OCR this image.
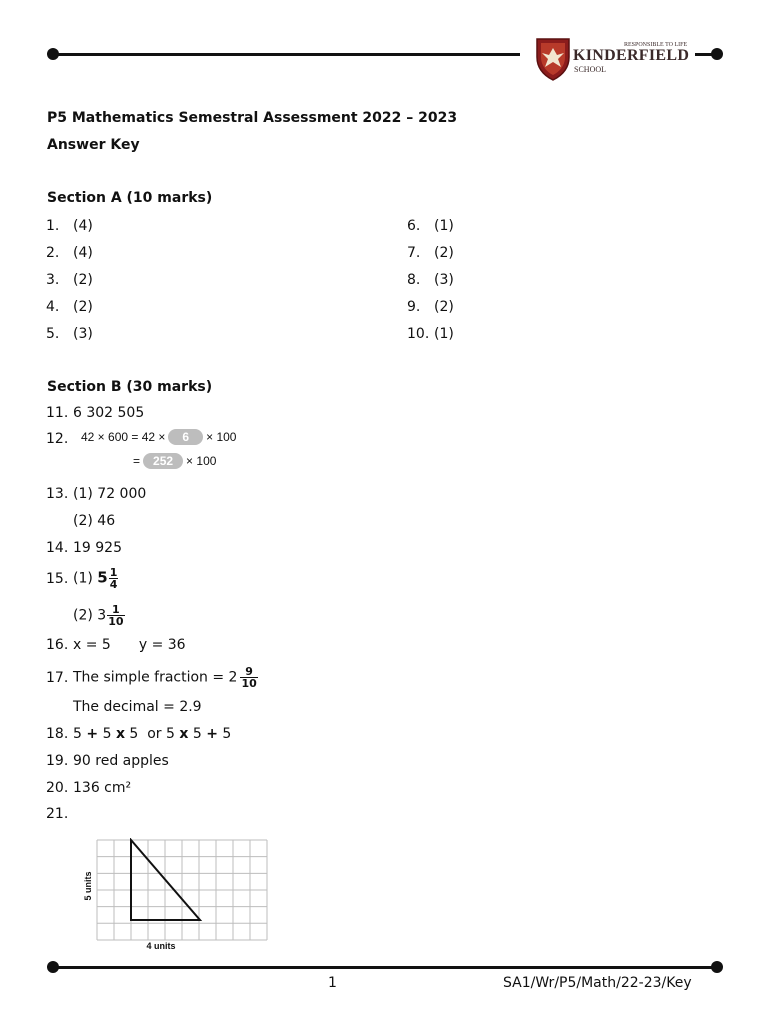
RESPONSIBLE TO LIFE
KINDERFIELD
SCHOOL
P5 Mathematics Semestral Assessment 2022 – 2023
Answer Key
Section A (10 marks)
1. (4)
2. (4)
3. (2)
4. (2)
5. (3)
6. (1)
7. (2)
8. (3)
9. (2)
10. (1)
Section B (30 marks)
11. 6 302 505
12. 42 × 600 = 42 × 6 × 100
= 252 × 100
13. (1) 72 000
(2) 46
14. 19 925
15. (1) $5 \frac{1}{4}$
(2) $3 \frac{1}{10}$
16. x = 5 y = 36
17. The simple fraction = $2 \frac{9}{10}$
The decimal = 2.9
18. 5 + 5 x 5  or 5 x 5 + 5
19. 90 red apples
20. 136 cm²
21.
5 units
4 units
1	SA1/Wr/P5/Math/22-23/Key
